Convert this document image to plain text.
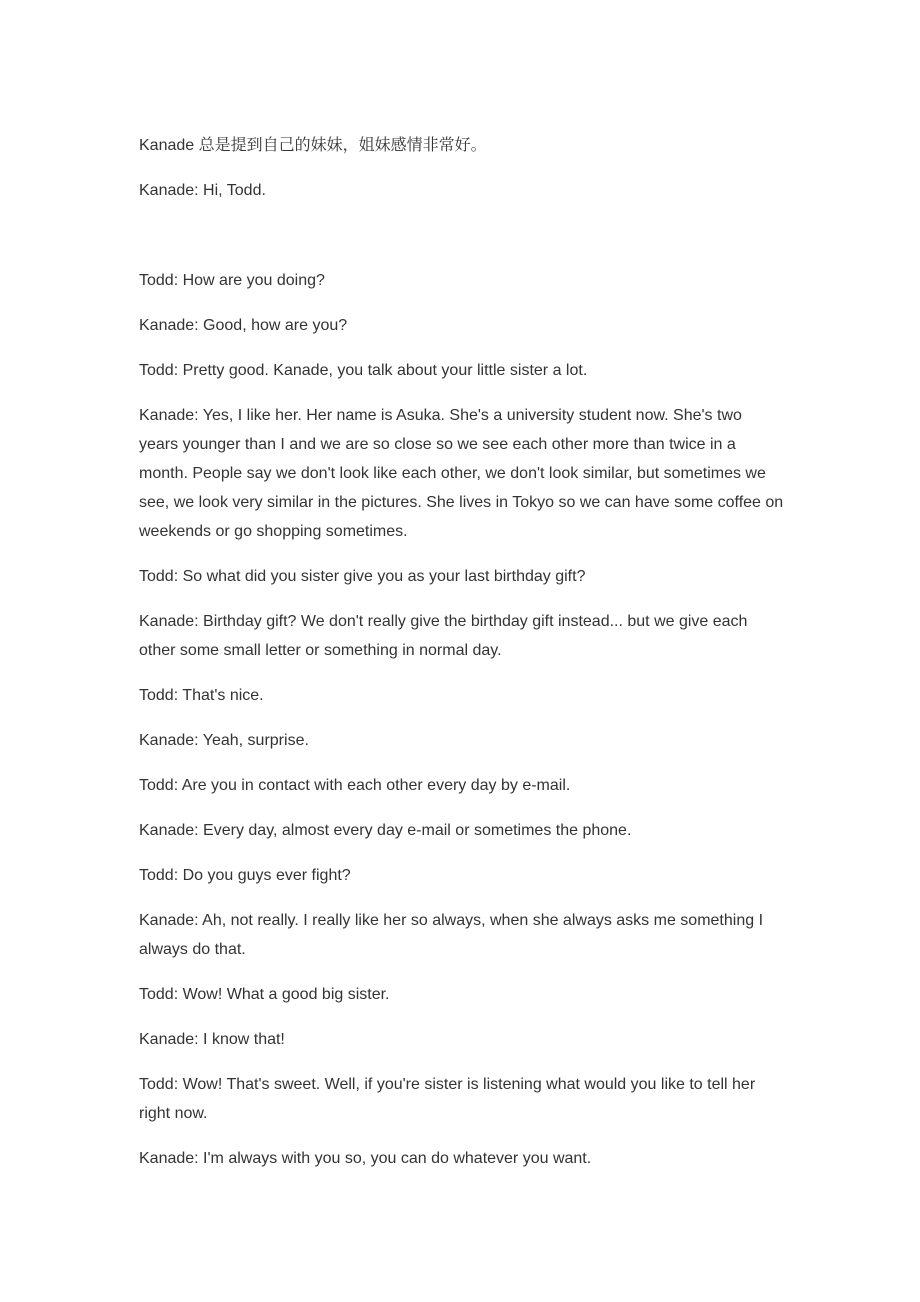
Kanade 总是提到自己的妹妹，姐妹感情非常好。

Kanade: Hi, Todd.

Todd: How are you doing?

Kanade: Good, how are you?

Todd: Pretty good. Kanade, you talk about your little sister a lot.

Kanade: Yes, I like her. Her name is Asuka. She's a university student now. She's two years younger than I and we are so close so we see each other more than twice in a month. People say we don't look like each other, we don't look similar, but sometimes we see, we look very similar in the pictures. She lives in Tokyo so we can have some coffee on weekends or go shopping sometimes.

Todd: So what did you sister give you as your last birthday gift?

Kanade: Birthday gift? We don't really give the birthday gift instead... but we give each other some small letter or something in normal day.

Todd: That's nice.

Kanade: Yeah, surprise.

Todd: Are you in contact with each other every day by e-mail.

Kanade: Every day, almost every day e-mail or sometimes the phone.

Todd: Do you guys ever fight?

Kanade: Ah, not really. I really like her so always, when she always asks me something I always do that.

Todd: Wow! What a good big sister.

Kanade: I know that!

Todd: Wow! That's sweet. Well, if you're sister is listening what would you like to tell her right now.

Kanade: I'm always with you so, you can do whatever you want.
